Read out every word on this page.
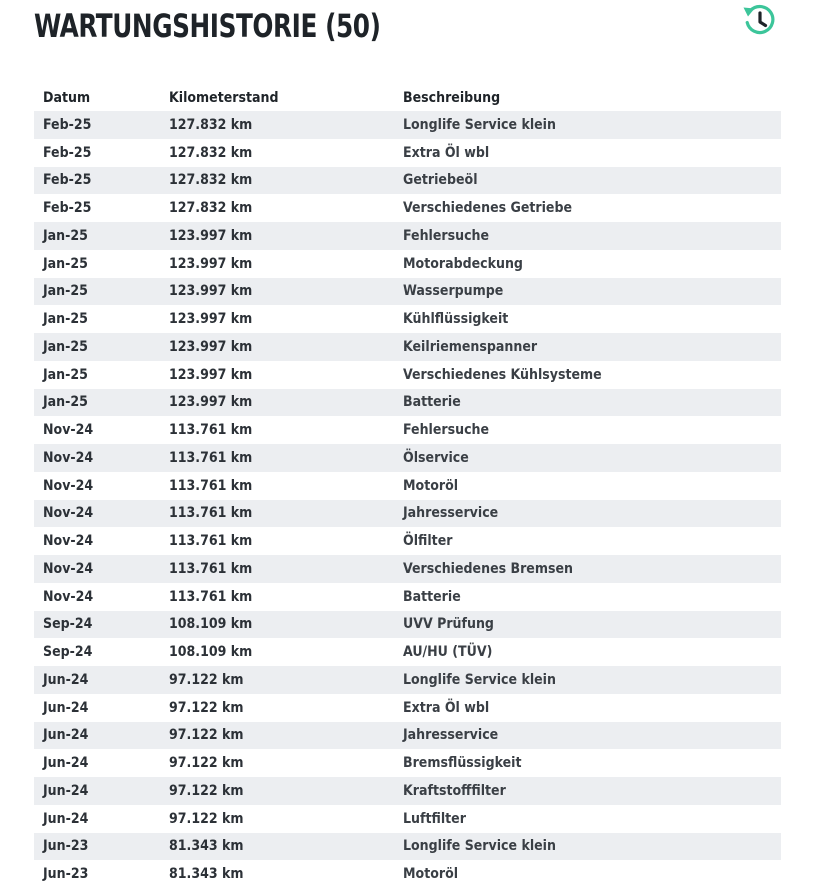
WARTUNGSHISTORIE (50)
Datum	Kilometerstand	Beschreibung
Feb-25	127.832 km	Longlife Service klein
Feb-25	127.832 km	Extra Öl wbl
Feb-25	127.832 km	Getriebeöl
Feb-25	127.832 km	Verschiedenes Getriebe
Jan-25	123.997 km	Fehlersuche
Jan-25	123.997 km	Motorabdeckung
Jan-25	123.997 km	Wasserpumpe
Jan-25	123.997 km	Kühlflüssigkeit
Jan-25	123.997 km	Keilriemenspanner
Jan-25	123.997 km	Verschiedenes Kühlsysteme
Jan-25	123.997 km	Batterie
Nov-24	113.761 km	Fehlersuche
Nov-24	113.761 km	Ölservice
Nov-24	113.761 km	Motoröl
Nov-24	113.761 km	Jahresservice
Nov-24	113.761 km	Ölfilter
Nov-24	113.761 km	Verschiedenes Bremsen
Nov-24	113.761 km	Batterie
Sep-24	108.109 km	UVV Prüfung
Sep-24	108.109 km	AU/HU (TÜV)
Jun-24	97.122 km	Longlife Service klein
Jun-24	97.122 km	Extra Öl wbl
Jun-24	97.122 km	Jahresservice
Jun-24	97.122 km	Bremsflüssigkeit
Jun-24	97.122 km	Kraftstofffilter
Jun-24	97.122 km	Luftfilter
Jun-23	81.343 km	Longlife Service klein
Jun-23	81.343 km	Motoröl
